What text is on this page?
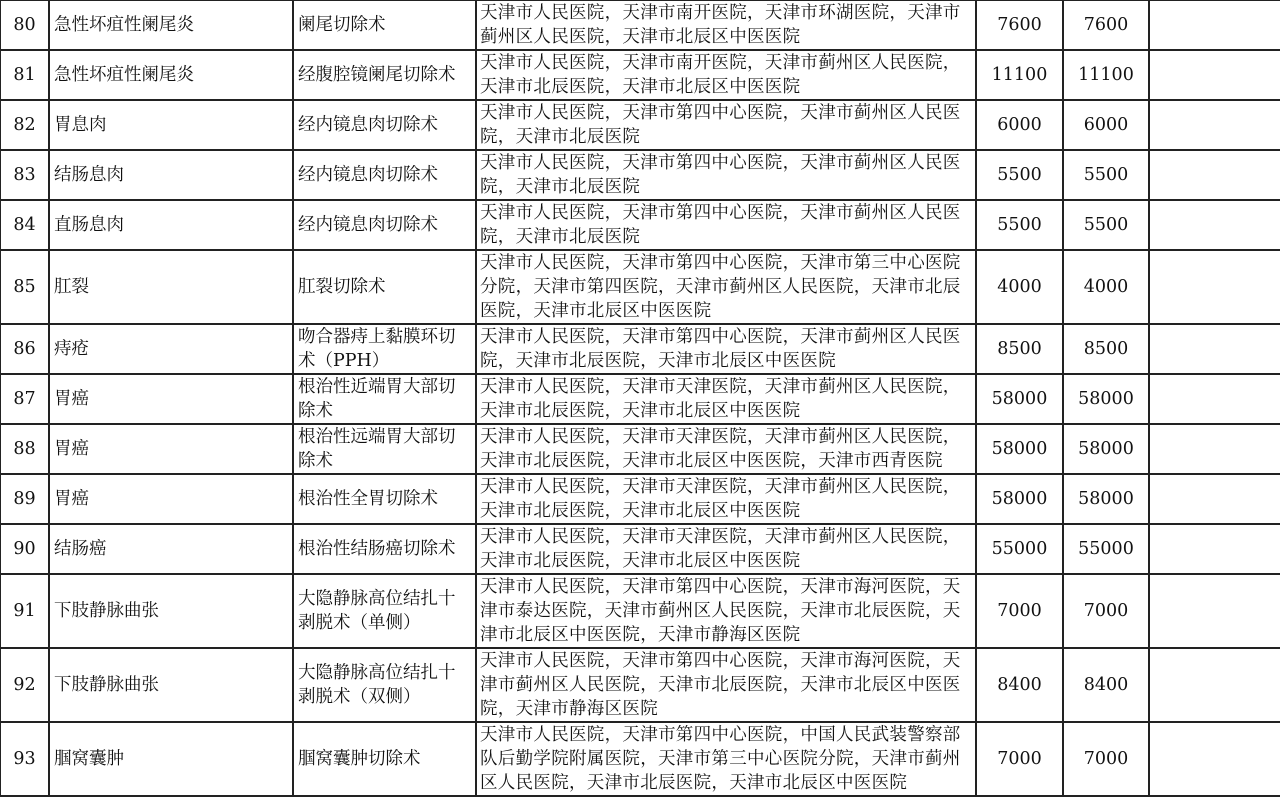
80	急性坏疽性阑尾炎	阑尾切除术	天津市人民医院，天津市南开医院，天津市环湖医院，天津市蓟州区人民医院，天津市北辰区中医医院	7600	7600	
81	急性坏疽性阑尾炎	经腹腔镜阑尾切除术	天津市人民医院，天津市南开医院，天津市蓟州区人民医院，天津市北辰医院，天津市北辰区中医医院	11100	11100	
82	胃息肉	经内镜息肉切除术	天津市人民医院，天津市第四中心医院，天津市蓟州区人民医院，天津市北辰医院	6000	6000	
83	结肠息肉	经内镜息肉切除术	天津市人民医院，天津市第四中心医院，天津市蓟州区人民医院，天津市北辰医院	5500	5500	
84	直肠息肉	经内镜息肉切除术	天津市人民医院，天津市第四中心医院，天津市蓟州区人民医院，天津市北辰医院	5500	5500	
85	肛裂	肛裂切除术	天津市人民医院，天津市第四中心医院，天津市第三中心医院分院，天津市第四医院，天津市蓟州区人民医院，天津市北辰医院，天津市北辰区中医医院	4000	4000	
86	痔疮	吻合器痔上黏膜环切术（PPH）	天津市人民医院，天津市第四中心医院，天津市蓟州区人民医院，天津市北辰医院，天津市北辰区中医医院	8500	8500	
87	胃癌	根治性近端胃大部切除术	天津市人民医院，天津市天津医院，天津市蓟州区人民医院，天津市北辰医院，天津市北辰区中医医院	58000	58000	
88	胃癌	根治性远端胃大部切除术	天津市人民医院，天津市天津医院，天津市蓟州区人民医院，天津市北辰医院，天津市北辰区中医医院，天津市西青医院	58000	58000	
89	胃癌	根治性全胃切除术	天津市人民医院，天津市天津医院，天津市蓟州区人民医院，天津市北辰医院，天津市北辰区中医医院	58000	58000	
90	结肠癌	根治性结肠癌切除术	天津市人民医院，天津市天津医院，天津市蓟州区人民医院，天津市北辰医院，天津市北辰区中医医院	55000	55000	
91	下肢静脉曲张	大隐静脉高位结扎十剥脱术（单侧）	天津市人民医院，天津市第四中心医院，天津市海河医院，天津市泰达医院，天津市蓟州区人民医院，天津市北辰医院，天津市北辰区中医医院，天津市静海区医院	7000	7000	
92	下肢静脉曲张	大隐静脉高位结扎十剥脱术（双侧）	天津市人民医院，天津市第四中心医院，天津市海河医院，天津市蓟州区人民医院，天津市北辰医院，天津市北辰区中医医院，天津市静海区医院	8400	8400	
93	腘窝囊肿	腘窝囊肿切除术	天津市人民医院，天津市第四中心医院，中国人民武装警察部队后勤学院附属医院，天津市第三中心医院分院，天津市蓟州区人民医院，天津市北辰医院，天津市北辰区中医医院	7000	7000	
